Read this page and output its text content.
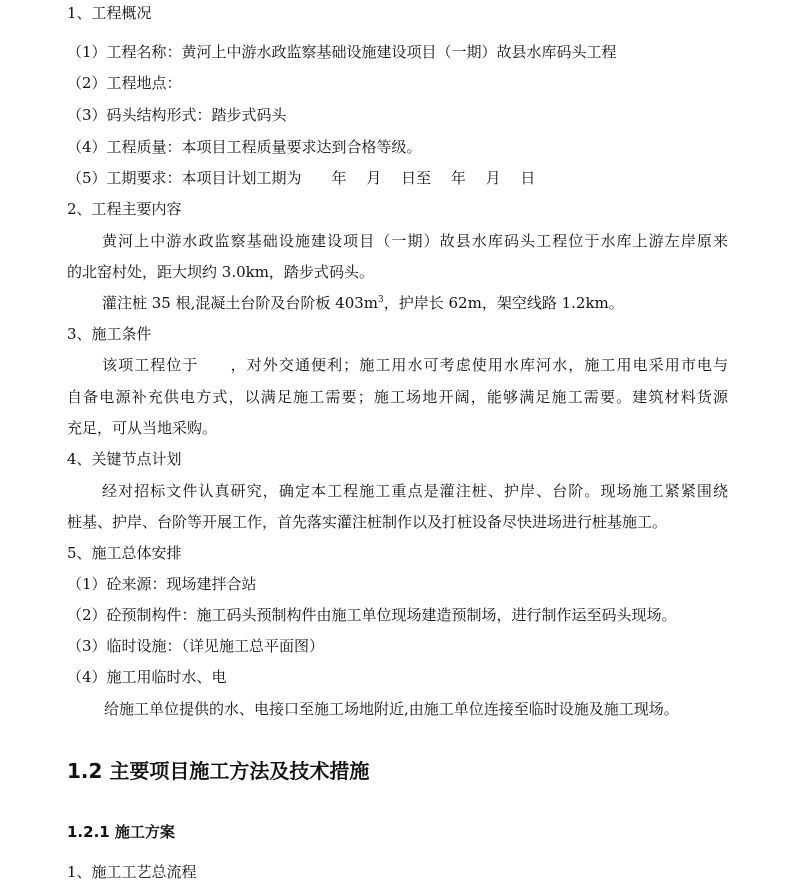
1、工程概况
（1）工程名称：黄河上中游水政监察基础设施建设项目（一期）故县水库码头工程
（2）工程地点：
（3）码头结构形式：踏步式码头
（4）工程质量：本项目工程质量要求达到合格等级。
（5）工期要求：本项目计划工期为　　年　 月　 日至　 年　 月　 日
2、工程主要内容
黄河上中游水政监察基础设施建设项目（一期）故县水库码头工程位于水库上游左岸原来
的北窑村处，距大坝约 3.0km，踏步式码头。
灌注桩 35 根,混凝土台阶及台阶板 $403m^3$，护岸长 62m，架空线路 1.2km。
3、施工条件
该项工程位于　　，对外交通便利；施工用水可考虑使用水库河水，施工用电采用市电与
自备电源补充供电方式，以满足施工需要；施工场地开阔，能够满足施工需要。建筑材料货源
充足，可从当地采购。
4、关键节点计划
经对招标文件认真研究，确定本工程施工重点是灌注桩、护岸、台阶。现场施工紧紧围绕
桩基、护岸、台阶等开展工作，首先落实灌注桩制作以及打桩设备尽快进场进行桩基施工。
5、施工总体安排
（1）砼来源：现场建拌合站
（2）砼预制构件：施工码头预制构件由施工单位现场建造预制场，进行制作运至码头现场。
（3）临时设施：（详见施工总平面图）
（4）施工用临时水、电
给施工单位提供的水、电接口至施工场地附近,由施工单位连接至临时设施及施工现场。
1.2 主要项目施工方法及技术措施
1.2.1 施工方案
1、施工工艺总流程
